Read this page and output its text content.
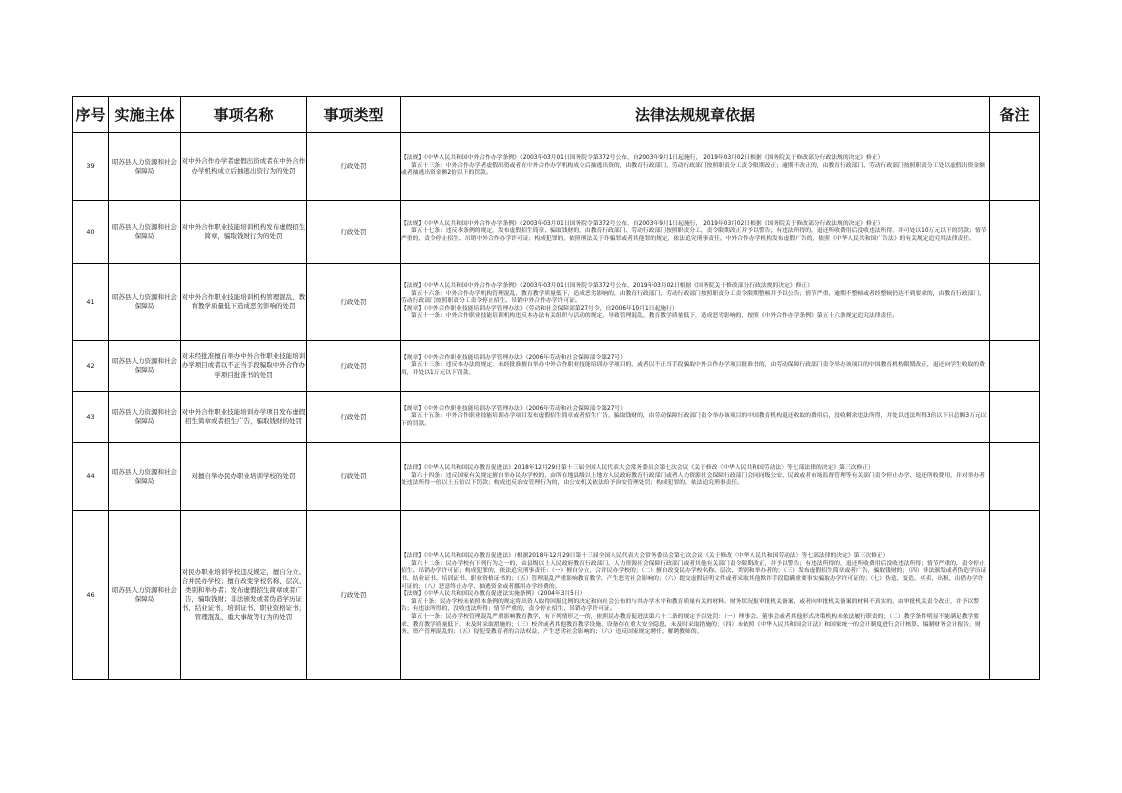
序号	实施主体	事项名称	事项类型	法律法规规章依据	备注
39	昭苏县人力资源和社会保障局	对中外合作办学者虚假出资或者在中外合作办学机构成立后抽逃出资行为的处罚	行政处罚	【法规】《中华人民共和国中外合作办学条例》（2003年03月01日国务院令第372号公布，自2003年9月1日起施行， 2019年03月02日根据《国务院关于修改部分行政法规的决定》修正）

第五十三条：中外合作办学者虚假出资或者在中外合作办学机构成立后抽逃出资的，由教育行政部门、劳动行政部门按照职责分工责令限期改正；逾期不改正的，由教育行政部门、劳动行政部门按照职责分工处以虚假出资金额或者抽逃出资金额2倍以下的罚款。	

40	昭苏县人力资源和社会保障局	对中外合作职业技能培训机构发布虚假招生简章，骗取钱财行为的处罚	行政处罚	【法规】《中华人民共和国中外合作办学条例》（2003年03月01日国务院令第372号公布，自2003年9月1日起施行， 2019年03月02日根据《国务院关于修改部分行政法规的决定》修正）

第五十七条：违反本条例的规定，发布虚假招生简章，骗取钱财的，由教育行政部门、劳动行政部门按照职责分工，责令限期改正并予以警告；有违法所得的，退还所收费用后没收违法所得，并可处以10万元以下的罚款；情节严重的，责令停止招生、吊销中外合作办学许可证；构成犯罪的，依照刑法关于诈骗罪或者其他罪的规定，依法追究刑事责任。中外合作办学机构发布虚假广告的，依照《中华人民共和国广告法》的有关规定追究其法律责任。	

41	昭苏县人力资源和社会保障局	对中外合作职业技能培训机构管理混乱、教育教学质量低下造成恶劣影响的处罚	行政处罚	【法规】《中华人民共和国中外合作办学条例》（2003年03月01日国务院令第372号公布，2019年03月02日根据《国务院关于修改部分行政法规的决定》修正）

第五十六条：中外合作办学机构管理混乱、教育教学质量低下，造成恶劣影响的，由教育行政部门、劳动行政部门按照职责分工责令限期整顿并予以公告；情节严重、逾期不整顿或者经整顿仍达不到要求的，由教育行政部门、劳动行政部门按照职责分工责令停止招生、吊销中外合作办学许可证。

【规章】《中外合作职业技能培训办学管理办法》（劳动和社会保障部第27号令，自2006年10月1日起施行）

第五十一条：中外合作职业技能培训机构违反本办法有关组织与活动的规定，导致管理混乱、教育教学质量低下，造成恶劣影响的，按照《中外合作办学条例》第五十六条规定追究法律责任。	

42	昭苏县人力资源和社会保障局	对未经批准擅自举办中外合作职业技能培训办学项目或者以不正当手段骗取中外合作办学项目批准书的处罚	行政处罚	【规章】《中外合作职业技能培训办学管理办法》（2006年劳动和社会保障部令第27号）

第五十三条：违反本办法的规定，未经批准擅自举办中外合作职业技能培训办学项目的，或者以不正当手段骗取中外合作办学项目批准书的，由劳动保障行政部门责令举办该项目的中国教育机构限期改正，退还向学生收取的费用，并处以1万元以下罚款。	

43	昭苏县人力资源和社会保障局	对中外合作职业技能培训办学项目发布虚假招生简章或者招生广告，骗取钱财的处罚	行政处罚	【规章】《中外合作职业技能培训办学管理办法》（2006年劳动和社会保障部令第27号）

第五十五条：中外合作职业技能培训办学项目发布虚假招生简章或者招生广告，骗取钱财的，由劳动保障行政部门责令举办该项目的中国教育机构退还收取的费用后，没收剩余违法所得，并处以违法所得3倍以下且总额3万元以下的罚款。	

44	昭苏县人力资源和社会保障局	对擅自举办民办职业培训学校的处罚	行政处罚	【法律】《中华人民共和国民办教育促进法》2018年12月29日第十三届全国人民代表大会常务委员会第七次会议《关于修改〈中华人民共和国劳动法〉等七部法律的决定》第三次修正）

第六十四条：违反国家有关规定擅自举办民办学校的，由所在地县级以上地方人民政府教育行政部门或者人力资源社会保障行政部门会同同级公安、民政或者市场监督管理等有关部门责令停止办学、退还所收费用，并对举办者处违法所得一倍以上五倍以下罚款；构成违反治安管理行为的，由公安机关依法给予治安管理处罚；构成犯罪的，依法追究刑事责任。	

46	昭苏县人力资源和社会保障局	对民办职业培训学校违反规定，擅自分立、合并民办学校；擅自改变学校名称、层次、类别和举办者；发布虚假招生简章或者广告，骗取钱财；非法颁发或者伪造学历证书、结业证书、培训证书、职业资格证书；管理混乱、重大事故等行为的处罚	行政处罚	【法律】《中华人民共和国民办教育促进法》（根据2018年12月29日第十三届全国人民代表大会常务委员会第七次会议《关于修改〈中华人民共和国劳动法〉等七部法律的决定》第三次修正）

第六十二条：民办学校有下列行为之一的，由县级以上人民政府教育行政部门、人力资源社会保障行政部门或者其他有关部门责令限期改正，并予以警告；有违法所得的，退还所收费用后没收违法所得；情节严重的，责令停止招生、吊销办学许可证；构成犯罪的，依法追究刑事责任：（一）擅自分立、合并民办学校的；（二）擅自改变民办学校名称、层次、类别和举办者的；（三）发布虚假招生简章或者广告，骗取钱财的；（四）非法颁发或者伪造学历证书、结业证书、培训证书、职业资格证书的；（五）管理混乱严重影响教育教学，产生恶劣社会影响的；（六）提交虚假证明文件或者采取其他欺诈手段隐瞒重要事实骗取办学许可证的；（七）伪造、变造、买卖、出租、出借办学许可证的；（八）恶意终止办学、抽逃资金或者挪用办学经费的。

【法规】《中华人民共和国民办教育促进法实施条例》（2004年3月5日）

第五十条：民办学校未依照本条例的规定将出资人取得回报比例的决定和向社会公布的与其办学水平和教育质量有关的材料、财务状况报审批机关备案，或者向审批机关备案的材料不真实的，由审批机关责令改正，并予以警告；有违法所得的，没收违法所得；情节严重的，责令停止招生、吊销办学许可证。

第五十一条：民办学校管理混乱严重影响教育教学，有下列情形之一的，依照民办教育促进法第六十二条的规定予以处罚：（一）理事会、董事会或者其他形式决策机构未依法履行职责的；（二）教学条件明显不能满足教学要求、教育教学质量低下，未及时采取措施的；（三）校舍或者其他教育教学设施、设备存在重大安全隐患，未及时采取措施的；（四）未依照《中华人民共和国会计法》和国家统一的会计制度进行会计核算、编制财务会计报告，财务、资产管理混乱的；（五）侵犯受教育者的合法权益，产生恶劣社会影响的；（六）违反国家规定聘任、解聘教师的。	
